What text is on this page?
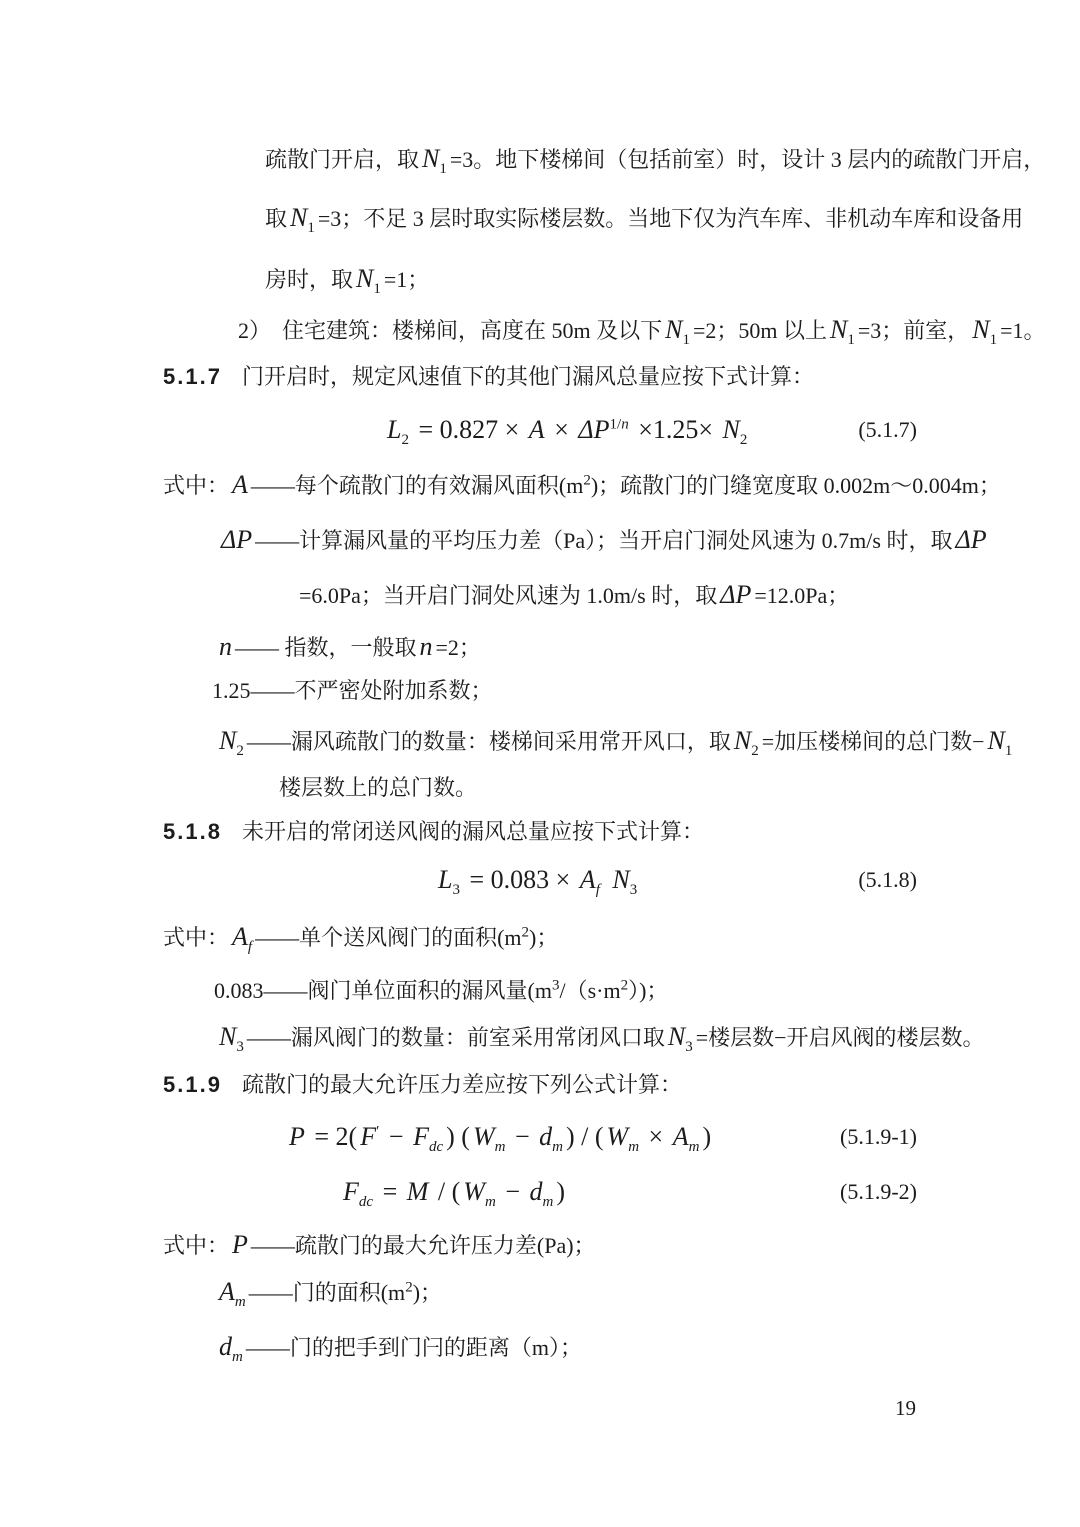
疏散门开启，取 $N_1 =3$。地下楼梯间（包括前室）时，设计 3 层内的疏散门开启，
取 $N_1 =3$；不足 3 层时取实际楼层数。当地下仅为汽车库、非机动车库和设备用
房时，取 $N_1 =1$；
2） 住宅建筑：楼梯间，高度在 50m 及以下 $N_1 =2$；50m 以上 $N_1 =3$；前室， $N_1 =1$。
5.1.7 门开启时，规定风速值下的其他门漏风总量应按下式计算：
$L_2 = 0.827 \times A \times \Delta P^{1/n} \times 1.25\times N_2$	(5.1.7)
式中： A ——每个疏散门的有效漏风面积$(m^2)$；疏散门的门缝宽度取 0.002m～0.004m；
ΔP ——计算漏风量的平均压力差（Pa）；当开启门洞处风速为 0.7m/s 时，取 ΔP
=6.0Pa；当开启门洞处风速为 1.0m/s 时，取 ΔP =12.0Pa；
n —— 指数，一般取 n =2；
1.25——不严密处附加系数；
$N_2$ ——漏风疏散门的数量：楼梯间采用常开风口，取 $N_2$ =加压楼梯间的总门数− $N_1$
楼层数上的总门数。
5.1.8 未开启的常闭送风阀的漏风总量应按下式计算：
$L_3 = 0.083 \times A_f$ $N_3$	(5.1.8)
式中： $A_f$ ——单个送风阀门的面积$(m^2)$；
0.083——阀门单位面积的漏风量$(m^3/(s\cdot m^2))$；
$N_3$ ——漏风阀门的数量：前室采用常闭风口取 $N_3$ =楼层数−开启风阀的楼层数。
5.1.9 疏散门的最大允许压力差应按下列公式计算：
P = 2( $F' - F_{dc}$ ) ( $W_m - d_m$ ) / ( $W_m \times A_m$ )	(5.1.9-1)
$F_{dc} = M$ / ( $W_m - d_m$ )	(5.1.9-2)
式中： P ——疏散门的最大允许压力差(Pa)；
$A_m$ ——门的面积$(m^2)$；
$d_m$ ——门的把手到门闩的距离（m）；
19
